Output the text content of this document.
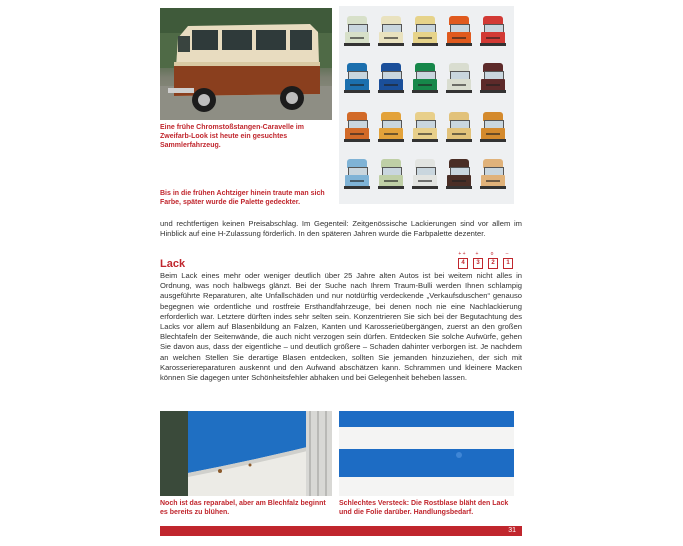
Eine frühe Chromstoßstangen-Caravelle im Zweifarb-Look ist heute ein gesuchtes Sammlerfahrzeug.
Bis in die frühen Achtziger hinein traute man sich Farbe, später wurde die Palette gedeckter.
und rechtfertigen keinen Preisabschlag. Im Gegenteil: Zeitgenössische Lackierungen sind vor allem im Hinblick auf eine H-Zulassung förderlich. In den späteren Jahren wurde die Farbpalette dezenter.
Lack
+ +	+	o	–
4	3	2	1
Beim Lack eines mehr oder weniger deutlich über 25 Jahre alten Autos ist bei weitem nicht alles in Ordnung, was noch halbwegs glänzt. Bei der Suche nach Ihrem Traum-Bulli werden Ihnen schlampig ausgeführte Reparaturen, alte Unfallschäden und nur notdürftig verdeckende „Verkaufsduschen“ genauso begegnen wie ordentliche und rostfreie Ersthandfahrzeuge, bei denen noch nie eine Nachlackierung erforderlich war. Letztere dürften indes sehr selten sein. Konzentrieren Sie sich bei der Begutachtung des Lacks vor allem auf Blasenbildung an Falzen, Kanten und Karosserieübergängen, zuerst an den großen Blechtafeln der Seitenwände, die auch nicht verzogen sein dürfen. Entdecken Sie solche Aufwürfe, gehen Sie davon aus, dass der eigentliche – und deutlich größere – Schaden dahinter verborgen ist. Je nachdem an welchen Stellen Sie derartige Blasen entdecken, sollten Sie jemanden hinzuziehen, der sich mit Karosseriereparaturen auskennt und den Aufwand abschätzen kann. Schrammen und kleinere Macken können Sie dagegen unter Schönheitsfehler abhaken und bei Gelegenheit beheben lassen.
Noch ist das reparabel, aber am Blechfalz beginnt es bereits zu blühen.
Schlechtes Versteck: Die Rostblase bläht den Lack und die Folie darüber. Handlungsbedarf.
31
